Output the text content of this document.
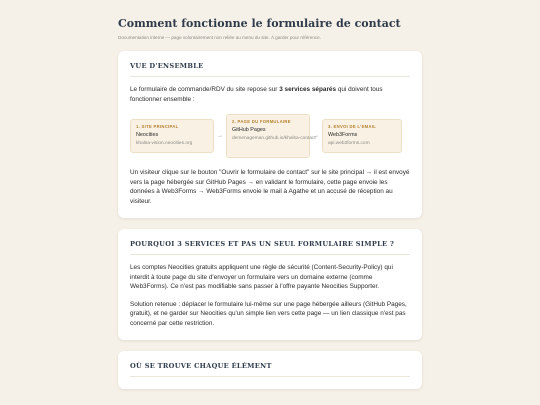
Comment fonctionne le formulaire de contact

Documentation interne — page volontairement non reliée au menu du site. À garder pour référence.

VUE D'ENSEMBLE

Le formulaire de commande/RDV du site repose sur 3 services séparés qui doivent tous fonctionner ensemble :

1. SITE PRINCIPAL
Neocities
khalsa-vision.neocities.org
→
2. PAGE DU FORMULAIRE
GitHub Pages
demenageman.github.io/khalsa-contact
→
3. ENVOI DE L'EMAIL
Web3Forms
api.web3forms.com

Un visiteur clique sur le bouton "Ouvrir le formulaire de contact" sur le site principal → il est envoyé vers la page hébergée sur GitHub Pages → en validant le formulaire, cette page envoie les données à Web3Forms → Web3Forms envoie le mail à Agathe et un accusé de réception au visiteur.

POURQUOI 3 SERVICES ET PAS UN SEUL FORMULAIRE SIMPLE ?

Les comptes Neocities gratuits appliquent une règle de sécurité (Content-Security-Policy) qui interdit à toute page du site d'envoyer un formulaire vers un domaine externe (comme Web3Forms). Ce n'est pas modifiable sans passer à l'offre payante Neocities Supporter.

Solution retenue : déplacer le formulaire lui-même sur une page hébergée ailleurs (GitHub Pages, gratuit), et ne garder sur Neocities qu'un simple lien vers cette page — un lien classique n'est pas concerné par cette restriction.

OÙ SE TROUVE CHAQUE ÉLÉMENT
